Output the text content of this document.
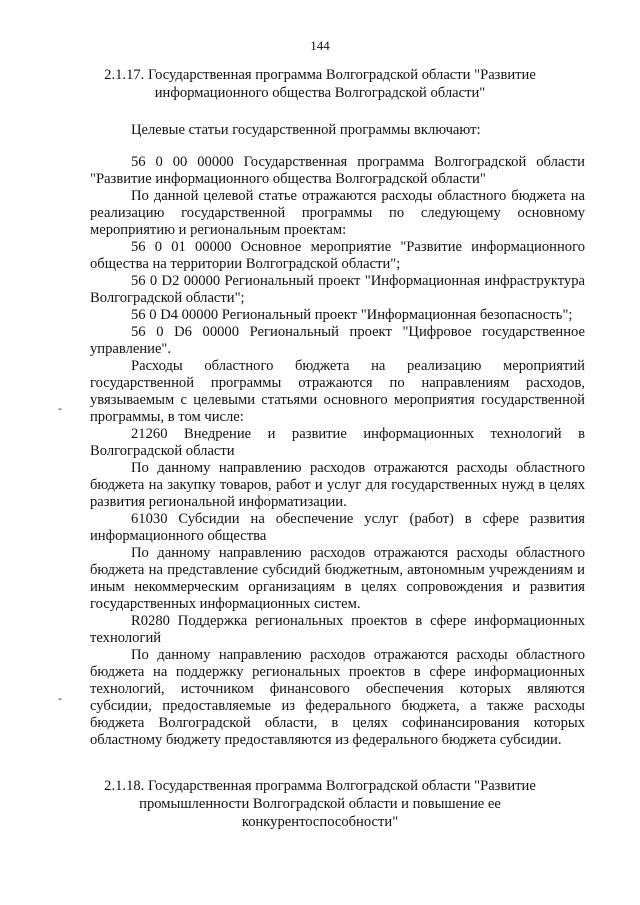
144
2.1.17. Государственная программа Волгоградской области "Развитие
информационного общества Волгоградской области"
Целевые статьи государственной программы включают:

56 0 00 00000 Государственная программа Волгоградской области "Развитие информационного общества Волгоградской области"

По данной целевой статье отражаются расходы областного бюджета на реализацию государственной программы по следующему основному мероприятию и региональным проектам:

56 0 01 00000 Основное мероприятие "Развитие информационного общества на территории Волгоградской области";

56 0 D2 00000 Региональный проект "Информационная инфраструктура Волгоградской области";

56 0 D4 00000 Региональный проект "Информационная безопасность";

56 0 D6 00000 Региональный проект "Цифровое государственное управление".

Расходы областного бюджета на реализацию мероприятий государственной программы отражаются по направлениям расходов, увязываемым с целевыми статьями основного мероприятия государственной программы, в том числе:

21260 Внедрение и развитие информационных технологий в Волгоградской области

По данному направлению расходов отражаются расходы областного бюджета на закупку товаров, работ и услуг для государственных нужд в целях развития региональной информатизации.

61030 Субсидии на обеспечение услуг (работ) в сфере развития информационного общества

По данному направлению расходов отражаются расходы областного бюджета на представление субсидий бюджетным, автономным учреждениям и иным некоммерческим организациям в целях сопровождения и развития государственных информационных систем.

R0280 Поддержка региональных проектов в сфере информационных технологий

По данному направлению расходов отражаются расходы областного бюджета на поддержку региональных проектов в сфере информационных технологий, источником финансового обеспечения которых являются субсидии, предоставляемые из федерального бюджета, а также расходы бюджета Волгоградской области, в целях софинансирования которых областному бюджету предоставляются из федерального бюджета субсидии.

-
-
2.1.18. Государственная программа Волгоградской области "Развитие
промышленности Волгоградской области и повышение ее
конкурентоспособности"
